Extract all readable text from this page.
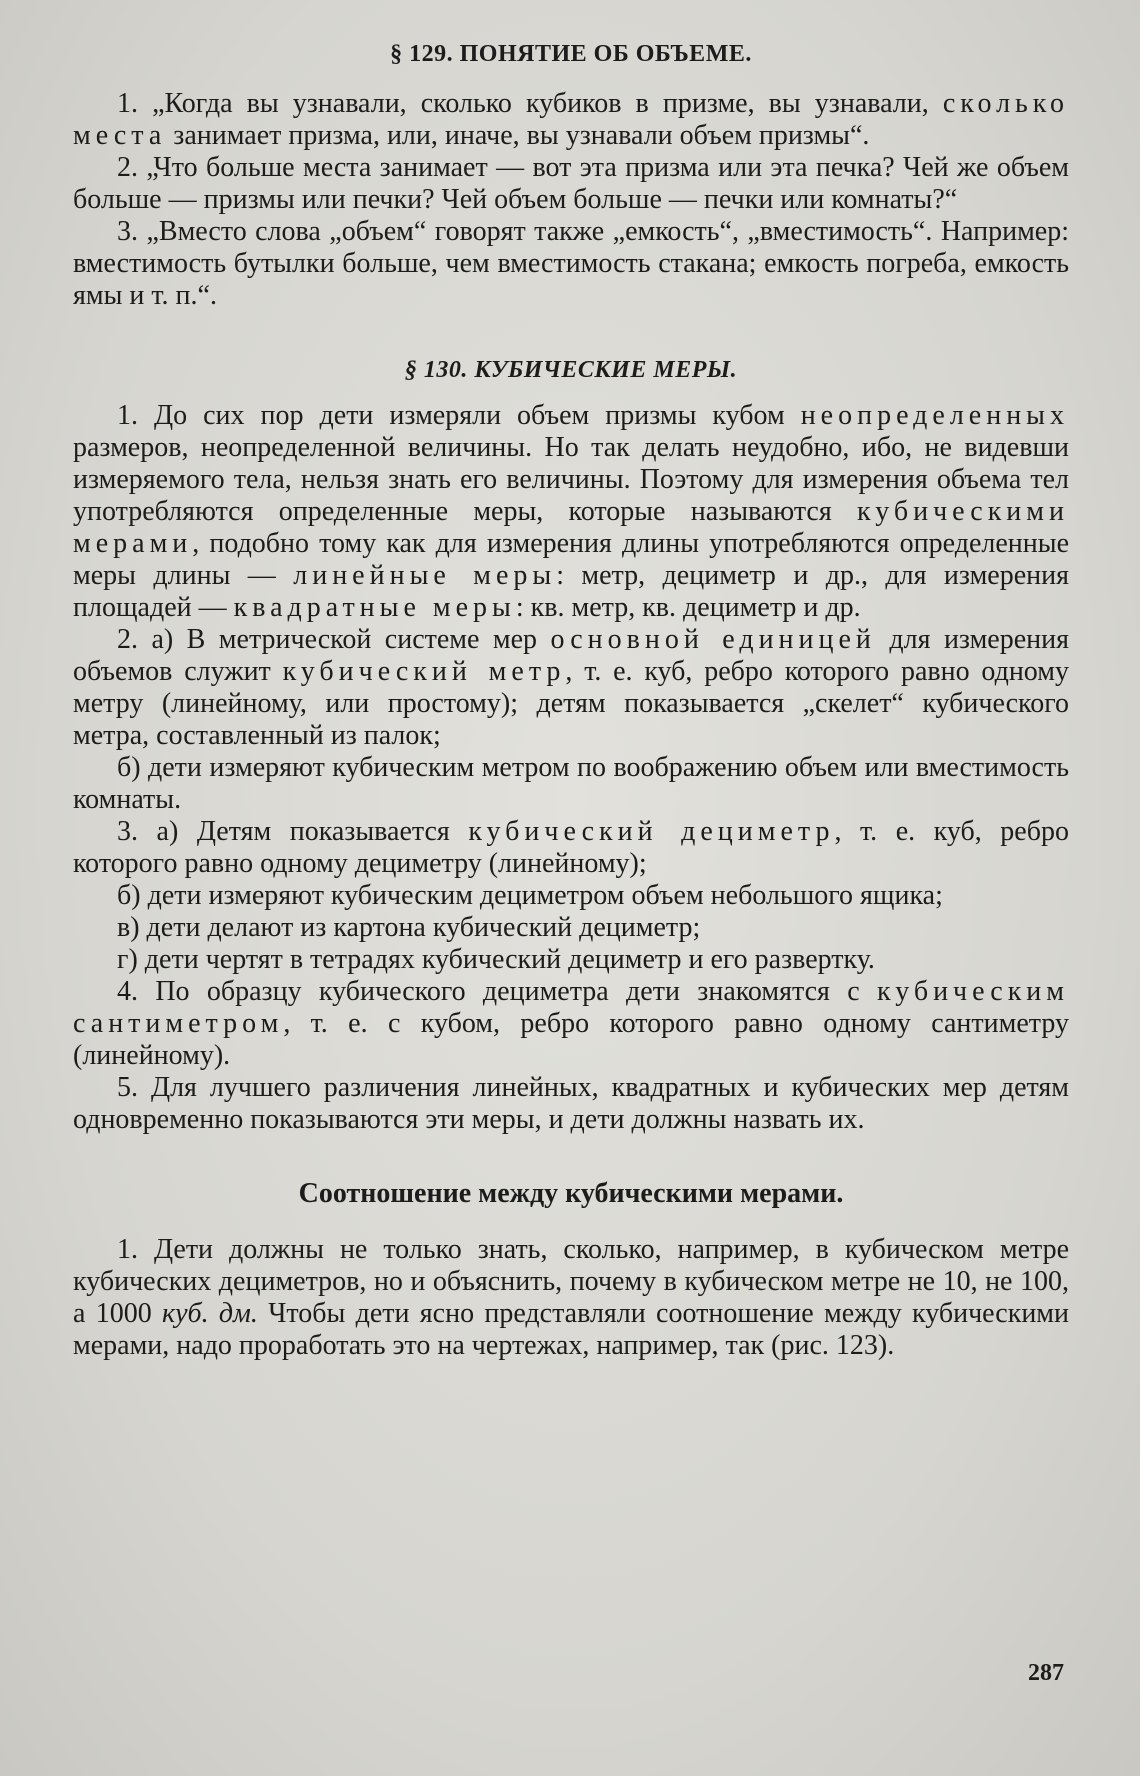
§ 129. ПОНЯТИЕ ОБ ОБЪЕМЕ.

1. „Когда вы узнавали, сколько кубиков в призме, вы узнавали, сколько места занимает призма, или, иначе, вы узнавали объем призмы“.

2. „Что больше места занимает — вот эта призма или эта печка? Чей же объем больше — призмы или печки? Чей объем больше — печки или комнаты?“

3. „Вместо слова „объем“ говорят также „емкость“, „вместимость“. Например: вместимость бутылки больше, чем вместимость стакана; емкость погреба, емкость ямы и т. п.“.

§ 130. КУБИЧЕСКИЕ МЕРЫ.

1. До сих пор дети измеряли объем призмы кубом неопределенных размеров, неопределенной величины. Но так делать неудобно, ибо, не видевши измеряемого тела, нельзя знать его величины. Поэтому для измерения объема тел употребляются определенные меры, которые называются кубическими мерами, подобно тому как для измерения длины употребляются определенные меры длины — линейные меры: метр, дециметр и др., для измерения площадей — квадратные меры: кв. метр, кв. дециметр и др.

2. а) В метрической системе мер основной единицей для измерения объемов служит кубический метр, т. е. куб, ребро которого равно одному метру (линейному, или простому); детям показывается „скелет“ кубического метра, составленный из палок;

б) дети измеряют кубическим метром по воображению объем или вместимость комнаты.

3. а) Детям показывается кубический дециметр, т. е. куб, ребро которого равно одному дециметру (линейному);

б) дети измеряют кубическим дециметром объем небольшого ящика;

в) дети делают из картона кубический дециметр;

г) дети чертят в тетрадях кубический дециметр и его развертку.

4. По образцу кубического дециметра дети знакомятся с кубическим сантиметром, т. е. с кубом, ребро которого равно одному сантиметру (линейному).

5. Для лучшего различения линейных, квадратных и кубических мер детям одновременно показываются эти меры, и дети должны назвать их.

Соотношение между кубическими мерами.

1. Дети должны не только знать, сколько, например, в кубическом метре кубических дециметров, но и объяснить, почему в кубическом метре не 10, не 100, а 1000 куб. дм. Чтобы дети ясно представляли соотношение между кубическими мерами, надо проработать это на чертежах, например, так (рис. 123).

287
